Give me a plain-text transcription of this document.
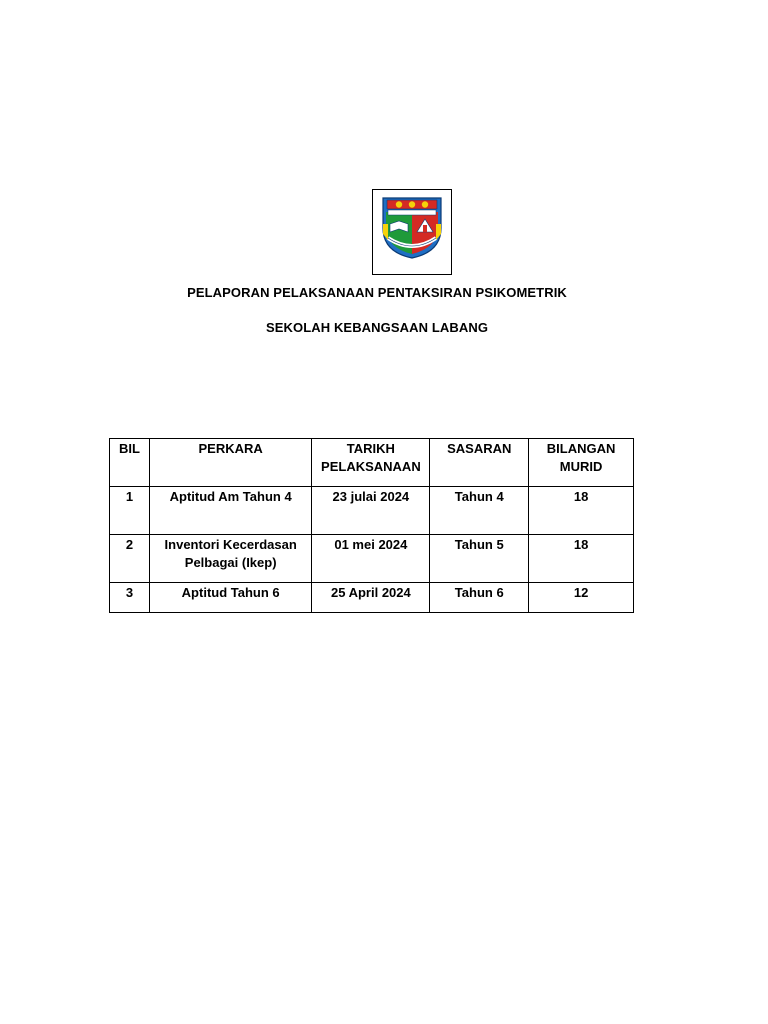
PELAPORAN PELAKSANAAN PENTAKSIRAN PSIKOMETRIK
SEKOLAH KEBANGSAAN LABANG
BIL	PERKARA	TARIKH PELAKSANAAN	SASARAN	BILANGAN MURID
1	Aptitud Am Tahun 4	23 julai 2024	Tahun 4	18
2	Inventori Kecerdasan Pelbagai (Ikep)	01 mei 2024	Tahun 5	18
3	Aptitud Tahun 6	25 April 2024	Tahun 6	12
